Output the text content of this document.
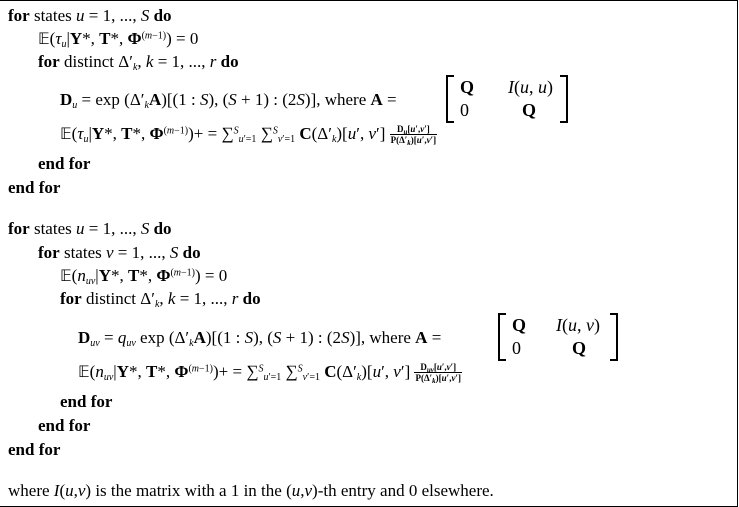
for states u = 1, ..., S do
$𝔼(\tau_u|Y*$, T*, $\Phi^{(m-1)}) = 0$
for distinct $\Delta'_k$, k = 1, ..., r do
$D_u = \exp (\Delta'_kA)[(1$ : S), (S + 1) : (2S)], where A =
Q I(u, u)
0	Q
$𝔼(\tau_u|Y*$, T*, $\Phi^{(m-1)})+ = \sum^S_{u'=1}$ ∑$^S_{v'=1}$ $C(\Delta'_k)[u'$, $v'] \frac{D_u[u',v']}{P(\Delta'_k)[u',v']}$
end for
end for
for states u = 1, ..., S do
for states v = 1, ..., S do
$𝔼(n_{uv}|Y*$, T*, $\Phi^{(m-1)}) = 0$
for distinct $\Delta'_k$, k = 1, ..., r do
$D_{uv} = q_{uv}$ $\exp (\Delta'_kA)[(1$ : S), (S + 1) : (2S)], where A =
Q I(u, v)
0	Q
$𝔼(n_{uv}|Y*$, T*, $\Phi^{(m-1)})+ = \sum^S_{u'=1}$ ∑$^S_{v'=1}$ $C(\Delta'_k)[u'$, $v'] \frac{D_{uv}[u',v']}{P(\Delta'_k)[u',v']}$
end for
end for
end for
where I(u,v) is the matrix with a 1 in the (u,v)-th entry and 0 elsewhere.
